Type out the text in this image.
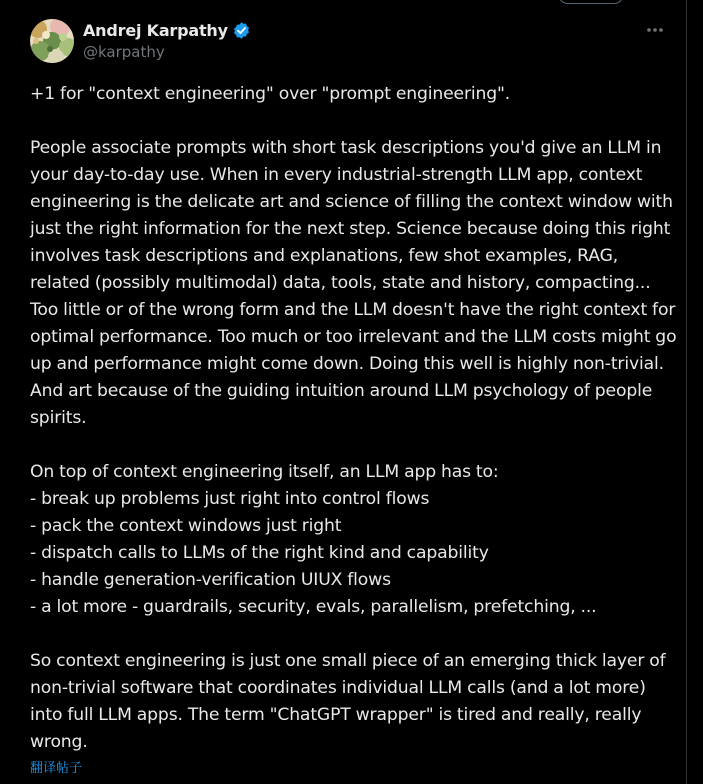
Andrej Karpathy
@karpathy

+1 for "context engineering" over "prompt engineering".

People associate prompts with short task descriptions you'd give an LLM in your day-to-day use. When in every industrial-strength LLM app, context engineering is the delicate art and science of filling the context window with just the right information for the next step. Science because doing this right involves task descriptions and explanations, few shot examples, RAG, related (possibly multimodal) data, tools, state and history, compacting... Too little or of the wrong form and the LLM doesn't have the right context for optimal performance. Too much or too irrelevant and the LLM costs might go up and performance might come down. Doing this well is highly non-trivial. And art because of the guiding intuition around LLM psychology of people spirits.

On top of context engineering itself, an LLM app has to:
- break up problems just right into control flows
- pack the context windows just right
- dispatch calls to LLMs of the right kind and capability
- handle generation-verification UIUX flows
- a lot more - guardrails, security, evals, parallelism, prefetching, ...

So context engineering is just one small piece of an emerging thick layer of non-trivial software that coordinates individual LLM calls (and a lot more) into full LLM apps. The term "ChatGPT wrapper" is tired and really, really wrong.

翻译帖子
